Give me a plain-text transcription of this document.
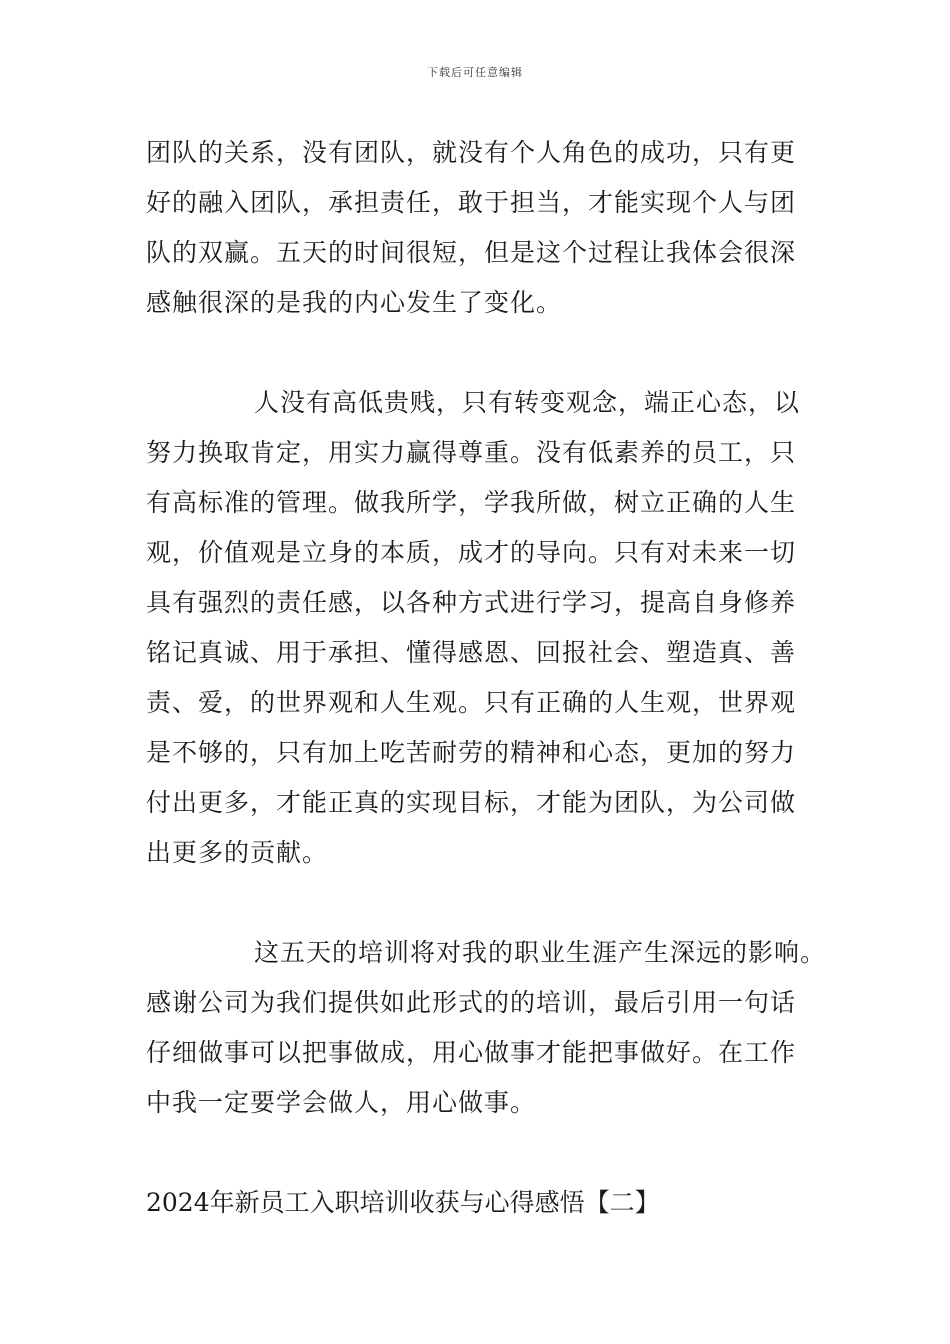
下载后可任意编辑
团队的关系，没有团队，就没有个人角色的成功，只有更
好的融入团队，承担责任，敢于担当，才能实现个人与团
队的双赢。五天的时间很短，但是这个过程让我体会很深
感触很深的是我的内心发生了变化。
人没有高低贵贱，只有转变观念，端正心态，以
努力换取肯定，用实力赢得尊重。没有低素养的员工，只
有高标准的管理。做我所学，学我所做，树立正确的人生
观，价值观是立身的本质，成才的导向。只有对未来一切
具有强烈的责任感，以各种方式进行学习，提高自身修养
铭记真诚、用于承担、懂得感恩、回报社会、塑造真、善
责、爱，的世界观和人生观。只有正确的人生观，世界观
是不够的，只有加上吃苦耐劳的精神和心态，更加的努力
付出更多，才能正真的实现目标，才能为团队，为公司做
出更多的贡献。
这五天的培训将对我的职业生涯产生深远的影响。
感谢公司为我们提供如此形式的的培训，最后引用一句话
仔细做事可以把事做成，用心做事才能把事做好。在工作
中我一定要学会做人，用心做事。
2024年新员工入职培训收获与心得感悟【二】
